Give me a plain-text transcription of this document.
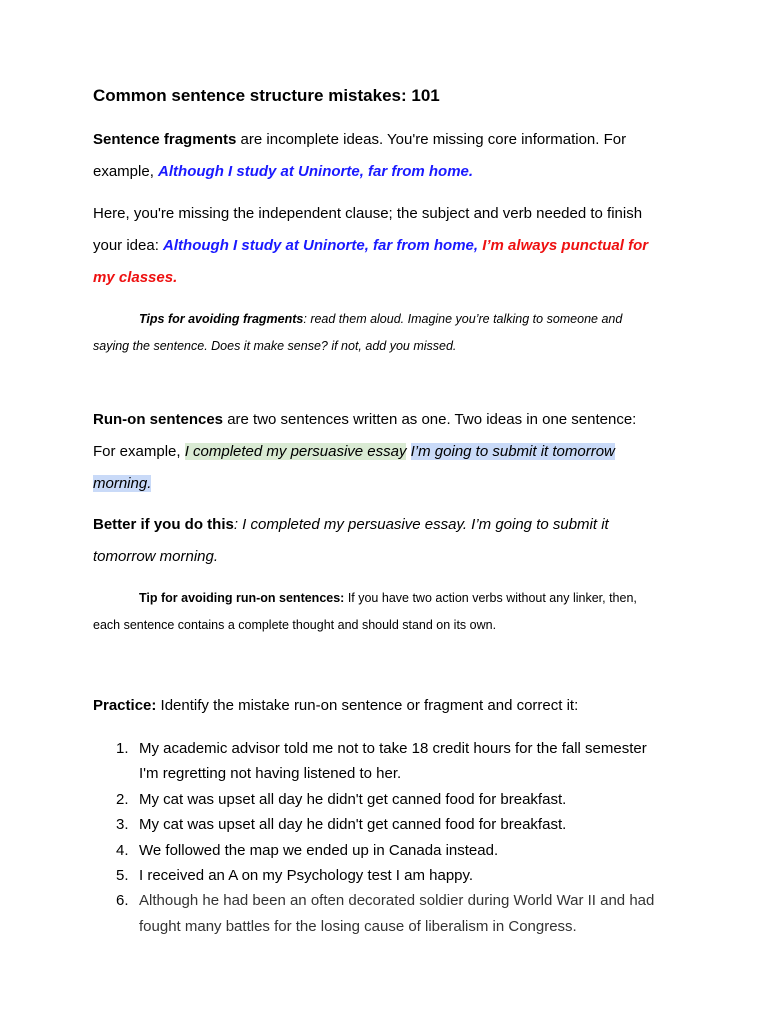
Common sentence structure mistakes: 101
Sentence fragments are incomplete ideas. You're missing core information. For
example, Although I study at Uninorte, far from home.
Here, you're missing the independent clause; the subject and verb needed to finish
your idea: Although I study at Uninorte, far from home, I’m always punctual for
my classes.
Tips for avoiding fragments: read them aloud. Imagine you’re talking to someone and
saying the sentence. Does it make sense? if not, add you missed.
Run-on sentences are two sentences written as one. Two ideas in one sentence:
For example, I completed my persuasive essay I’m going to submit it tomorrow
morning.
Better if you do this: I completed my persuasive essay. I’m going to submit it
tomorrow morning.
Tip for avoiding run-on sentences: If you have two action verbs without any linker, then,
each sentence contains a complete thought and should stand on its own.
Practice: Identify the mistake run-on sentence or fragment and correct it:
1. My academic advisor told me not to take 18 credit hours for the fall semester
I'm regretting not having listened to her.
2. My cat was upset all day he didn't get canned food for breakfast.
3. My cat was upset all day he didn't get canned food for breakfast.
4. We followed the map we ended up in Canada instead.
5. I received an A on my Psychology test I am happy.
6. Although he had been an often decorated soldier during World War II and had
fought many battles for the losing cause of liberalism in Congress.
